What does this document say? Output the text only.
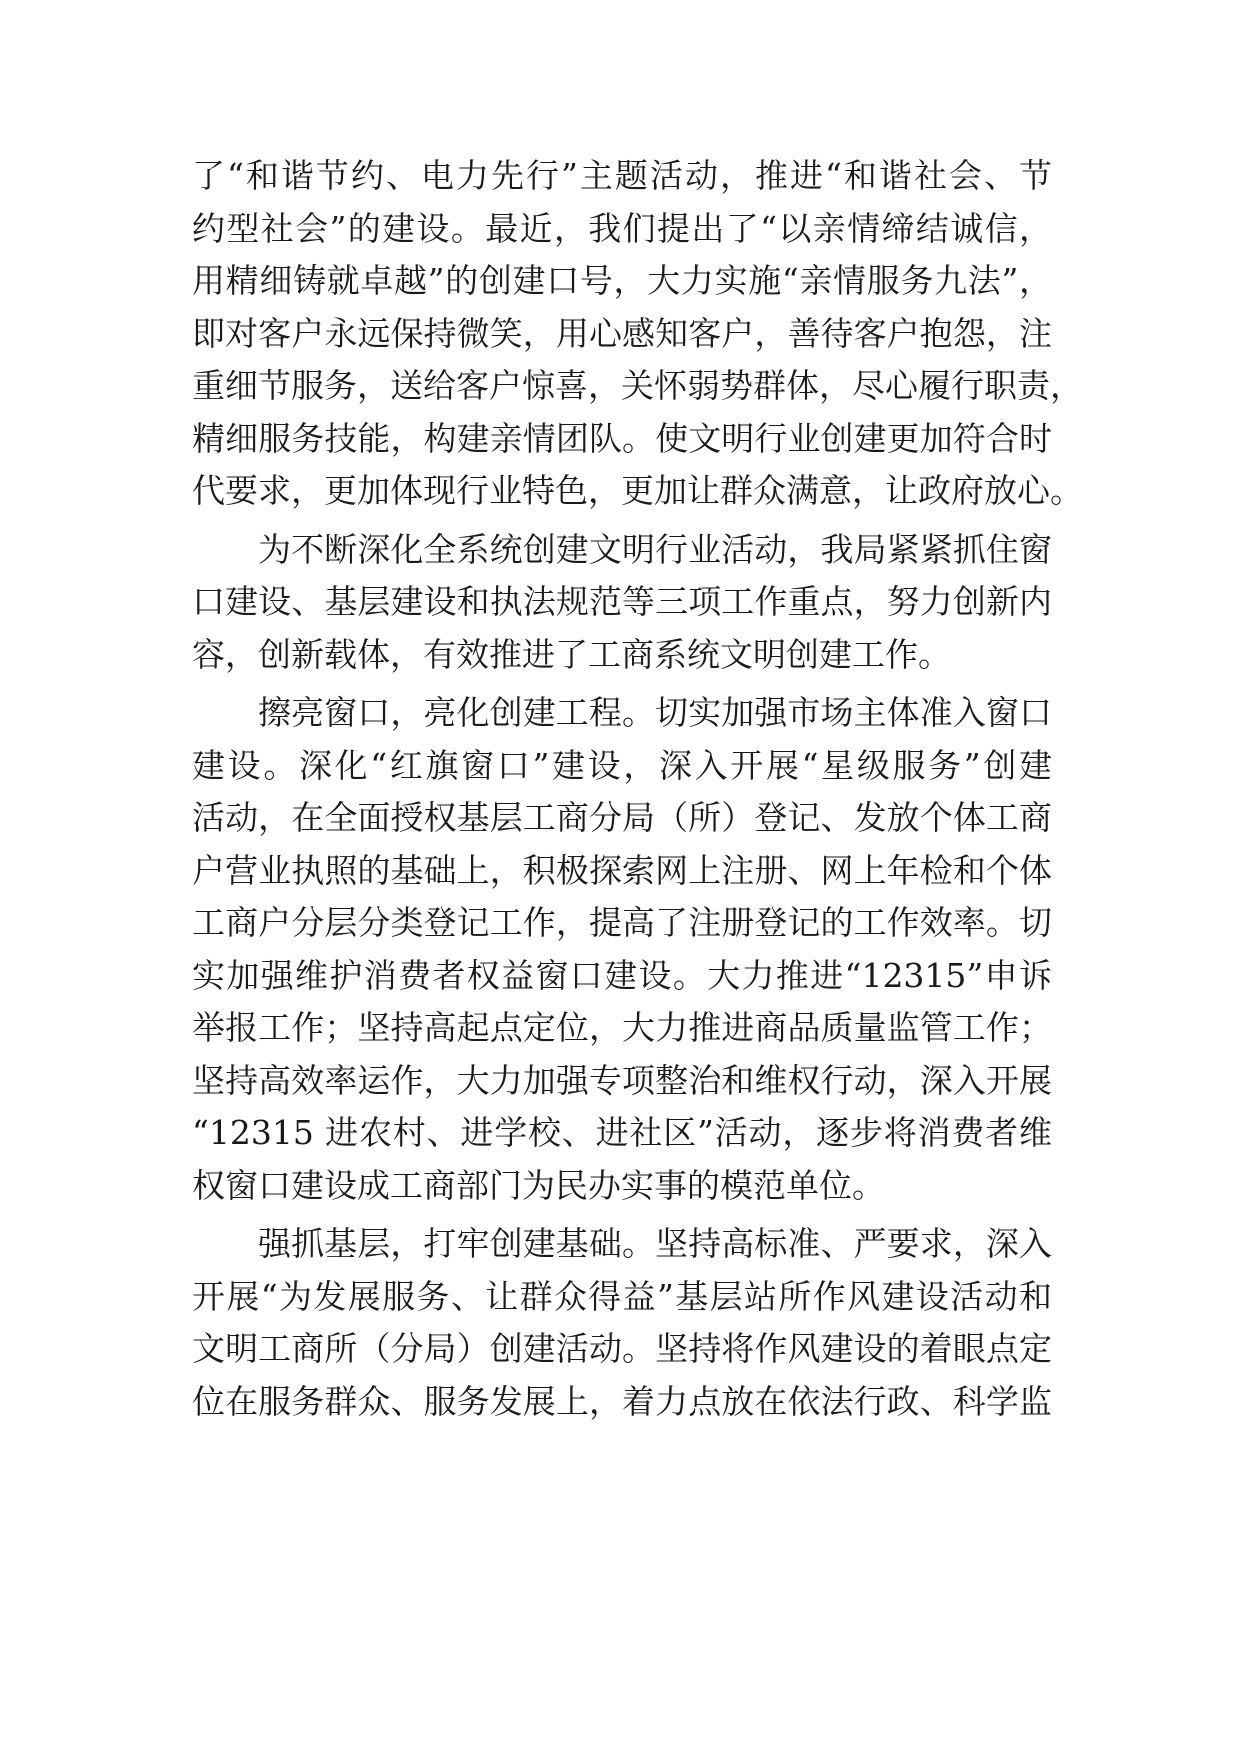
了“和谐节约、电力先行”主题活动，推进“和谐社会、节
约型社会”的建设。最近，我们提出了“以亲情缔结诚信，
用精细铸就卓越”的创建口号，大力实施“亲情服务九法”，
即对客户永远保持微笑，用心感知客户，善待客户抱怨，注
重细节服务，送给客户惊喜，关怀弱势群体，尽心履行职责，
精细服务技能，构建亲情团队。使文明行业创建更加符合时
代要求，更加体现行业特色，更加让群众满意，让政府放心。
为不断深化全系统创建文明行业活动，我局紧紧抓住窗
口建设、基层建设和执法规范等三项工作重点，努力创新内
容，创新载体，有效推进了工商系统文明创建工作。
擦亮窗口，亮化创建工程。切实加强市场主体准入窗口
建设。深化“红旗窗口”建设，深入开展“星级服务”创建
活动，在全面授权基层工商分局（所）登记、发放个体工商
户营业执照的基础上，积极探索网上注册、网上年检和个体
工商户分层分类登记工作，提高了注册登记的工作效率。切
实加强维护消费者权益窗口建设。大力推进“12315”申诉
举报工作；坚持高起点定位，大力推进商品质量监管工作；
坚持高效率运作，大力加强专项整治和维权行动，深入开展
“12315 进农村、进学校、进社区”活动，逐步将消费者维
权窗口建设成工商部门为民办实事的模范单位。
强抓基层，打牢创建基础。坚持高标准、严要求，深入
开展“为发展服务、让群众得益”基层站所作风建设活动和
文明工商所（分局）创建活动。坚持将作风建设的着眼点定
位在服务群众、服务发展上，着力点放在依法行政、科学监
